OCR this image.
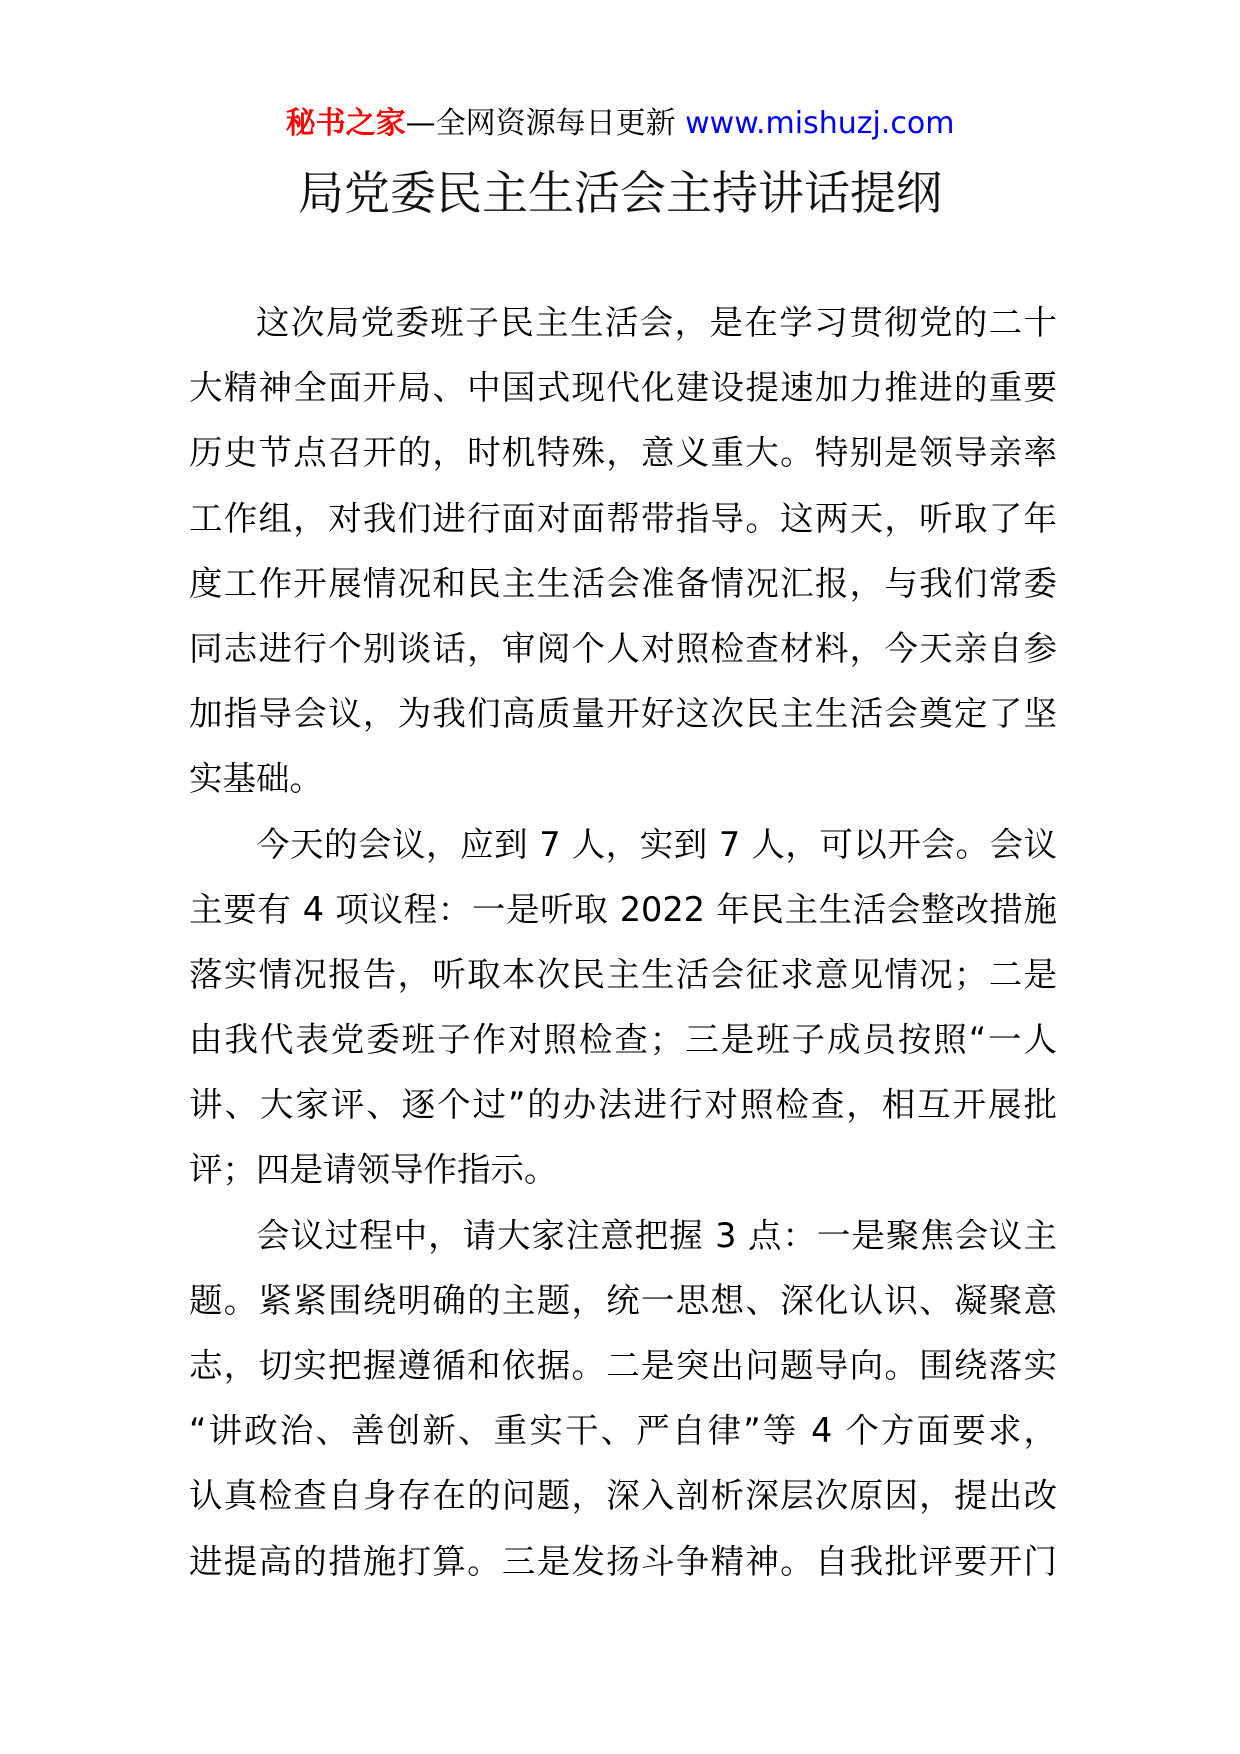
秘书之家—全网资源每日更新 www.mishuzj.com
局党委民主生活会主持讲话提纲
这次局党委班子民主生活会，是在学习贯彻党的二十
大精神全面开局、中国式现代化建设提速加力推进的重要
历史节点召开的，时机特殊，意义重大。特别是领导亲率
工作组，对我们进行面对面帮带指导。这两天，听取了年
度工作开展情况和民主生活会准备情况汇报，与我们常委
同志进行个别谈话，审阅个人对照检查材料，今天亲自参
加指导会议，为我们高质量开好这次民主生活会奠定了坚
实基础。
今天的会议，应到 7 人，实到 7 人，可以开会。会议
主要有 4 项议程：一是听取 2022 年民主生活会整改措施
落实情况报告，听取本次民主生活会征求意见情况；二是
由我代表党委班子作对照检查；三是班子成员按照“一人
讲、大家评、逐个过”的办法进行对照检查，相互开展批
评；四是请领导作指示。
会议过程中，请大家注意把握 3 点：一是聚焦会议主
题。紧紧围绕明确的主题，统一思想、深化认识、凝聚意
志，切实把握遵循和依据。二是突出问题导向。围绕落实
“讲政治、善创新、重实干、严自律”等 4 个方面要求，
认真检查自身存在的问题，深入剖析深层次原因，提出改
进提高的措施打算。三是发扬斗争精神。自我批评要开门
